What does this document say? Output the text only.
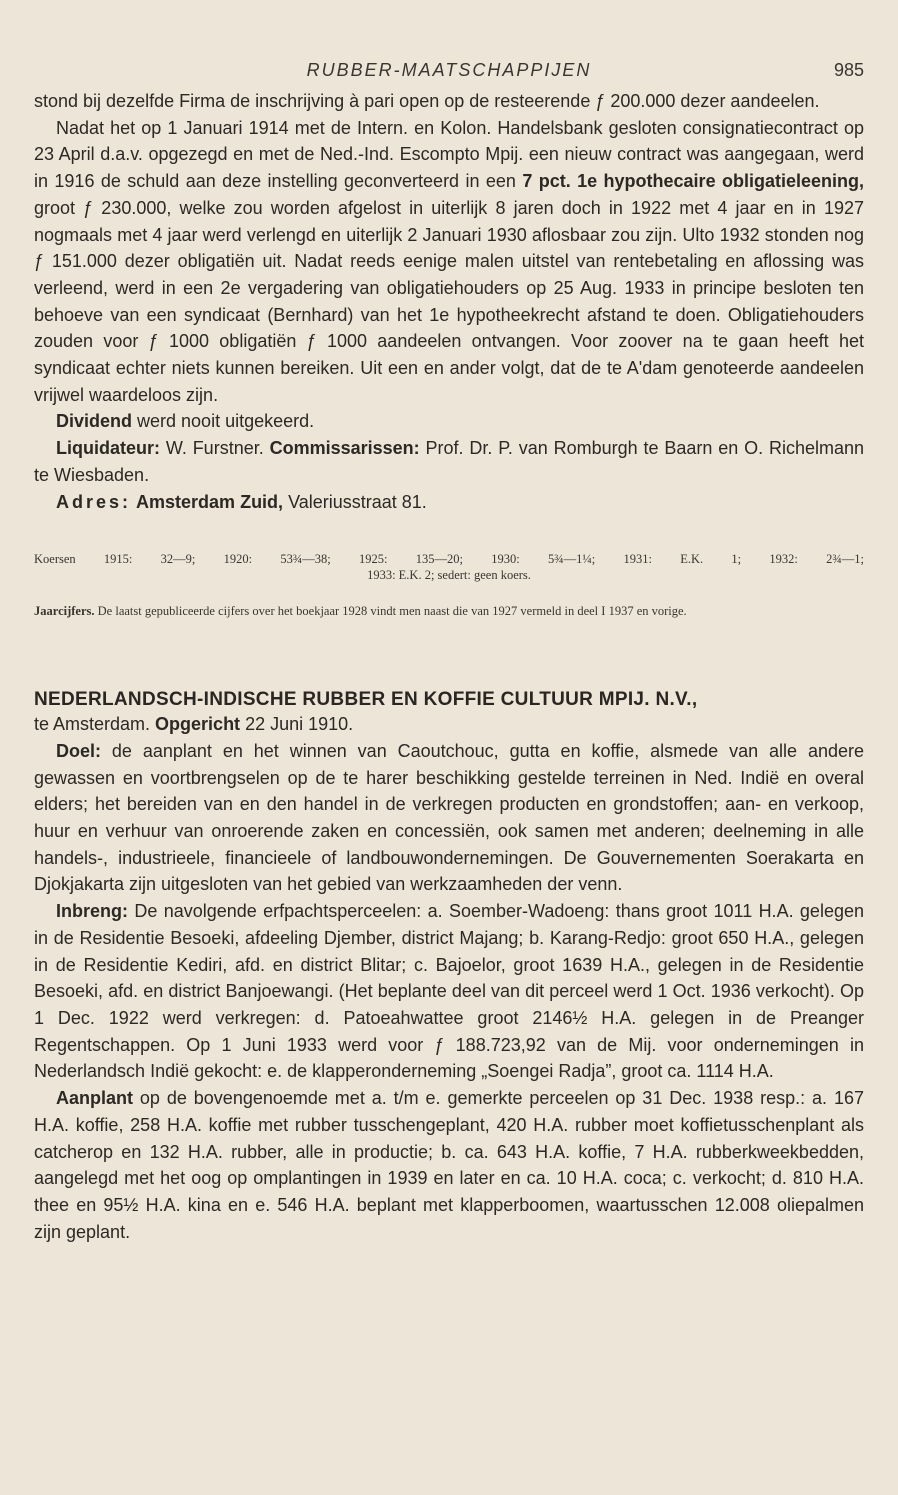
RUBBER-MAATSCHAPPIJEN	985

stond bij dezelfde Firma de inschrijving à pari open op de resteerende ƒ 200.000 dezer aandeelen.

Nadat het op 1 Januari 1914 met de Intern. en Kolon. Handelsbank gesloten consignatiecontract op 23 April d.a.v. opgezegd en met de Ned.-Ind. Escompto Mpij. een nieuw contract was aangegaan, werd in 1916 de schuld aan deze instelling geconverteerd in een 7 pct. 1e hypothecaire obligatieleening, groot ƒ 230.000, welke zou worden afgelost in uiterlijk 8 jaren doch in 1922 met 4 jaar en in 1927 nogmaals met 4 jaar werd verlengd en uiterlijk 2 Januari 1930 aflosbaar zou zijn. Ulto 1932 stonden nog ƒ 151.000 dezer obligatiën uit. Nadat reeds eenige malen uitstel van rentebetaling en aflossing was verleend, werd in een 2e vergadering van obligatiehouders op 25 Aug. 1933 in principe besloten ten behoeve van een syndicaat (Bernhard) van het 1e hypotheekrecht afstand te doen. Obligatiehouders zouden voor ƒ 1000 obligatiën ƒ 1000 aandeelen ontvangen. Voor zoover na te gaan heeft het syndicaat echter niets kunnen bereiken. Uit een en ander volgt, dat de te A'dam genoteerde aandeelen vrijwel waardeloos zijn.

Dividend werd nooit uitgekeerd.

Liquidateur: W. Furstner. Commissarissen: Prof. Dr. P. van Romburgh te Baarn en O. Richelmann te Wiesbaden.

Adres: Amsterdam Zuid, Valeriusstraat 81.

Koersen 1915: 32—9; 1920: 53¾—38; 1925: 135—20; 1930: 5¾—1¼; 1931: E.K. 1; 1932: 2¾—1;

1933: E.K. 2; sedert: geen koers.

Jaarcijfers. De laatst gepubliceerde cijfers over het boekjaar 1928 vindt men naast die van 1927 vermeld in deel I 1937 en vorige.

NEDERLANDSCH-INDISCHE RUBBER EN KOFFIE CULTUUR MPIJ. N.V.,

te Amsterdam. Opgericht 22 Juni 1910.

Doel: de aanplant en het winnen van Caoutchouc, gutta en koffie, alsmede van alle andere gewassen en voortbrengselen op de te harer beschikking gestelde terreinen in Ned. Indië en overal elders; het bereiden van en den handel in de verkregen producten en grondstoffen; aan- en verkoop, huur en verhuur van onroerende zaken en concessiën, ook samen met anderen; deelneming in alle handels-, industrieele, financieele of landbouwondernemingen. De Gouvernementen Soerakarta en Djokjakarta zijn uitgesloten van het gebied van werkzaamheden der venn.

Inbreng: De navolgende erfpachtsperceelen: a. Soember-Wadoeng: thans groot 1011 H.A. gelegen in de Residentie Besoeki, afdeeling Djember, district Majang; b. Karang-Redjo: groot 650 H.A., gelegen in de Residentie Kediri, afd. en district Blitar; c. Bajoelor, groot 1639 H.A., gelegen in de Residentie Besoeki, afd. en district Banjoewangi. (Het beplante deel van dit perceel werd 1 Oct. 1936 verkocht). Op 1 Dec. 1922 werd verkregen: d. Patoeahwattee groot 2146½ H.A. gelegen in de Preanger Regentschappen. Op 1 Juni 1933 werd voor ƒ 188.723,92 van de Mij. voor ondernemingen in Nederlandsch Indië gekocht: e. de klapperonderneming „Soengei Radja”, groot ca. 1114 H.A.

Aanplant op de bovengenoemde met a. t/m e. gemerkte perceelen op 31 Dec. 1938 resp.: a. 167 H.A. koffie, 258 H.A. koffie met rubber tusschengeplant, 420 H.A. rubber moet koffietusschenplant als catcherop en 132 H.A. rubber, alle in productie; b. ca. 643 H.A. koffie, 7 H.A. rubberkweekbedden, aangelegd met het oog op omplantingen in 1939 en later en ca. 10 H.A. coca; c. verkocht; d. 810 H.A. thee en 95½ H.A. kina en e. 546 H.A. beplant met klapperboomen, waartusschen 12.008 oliepalmen zijn geplant.
